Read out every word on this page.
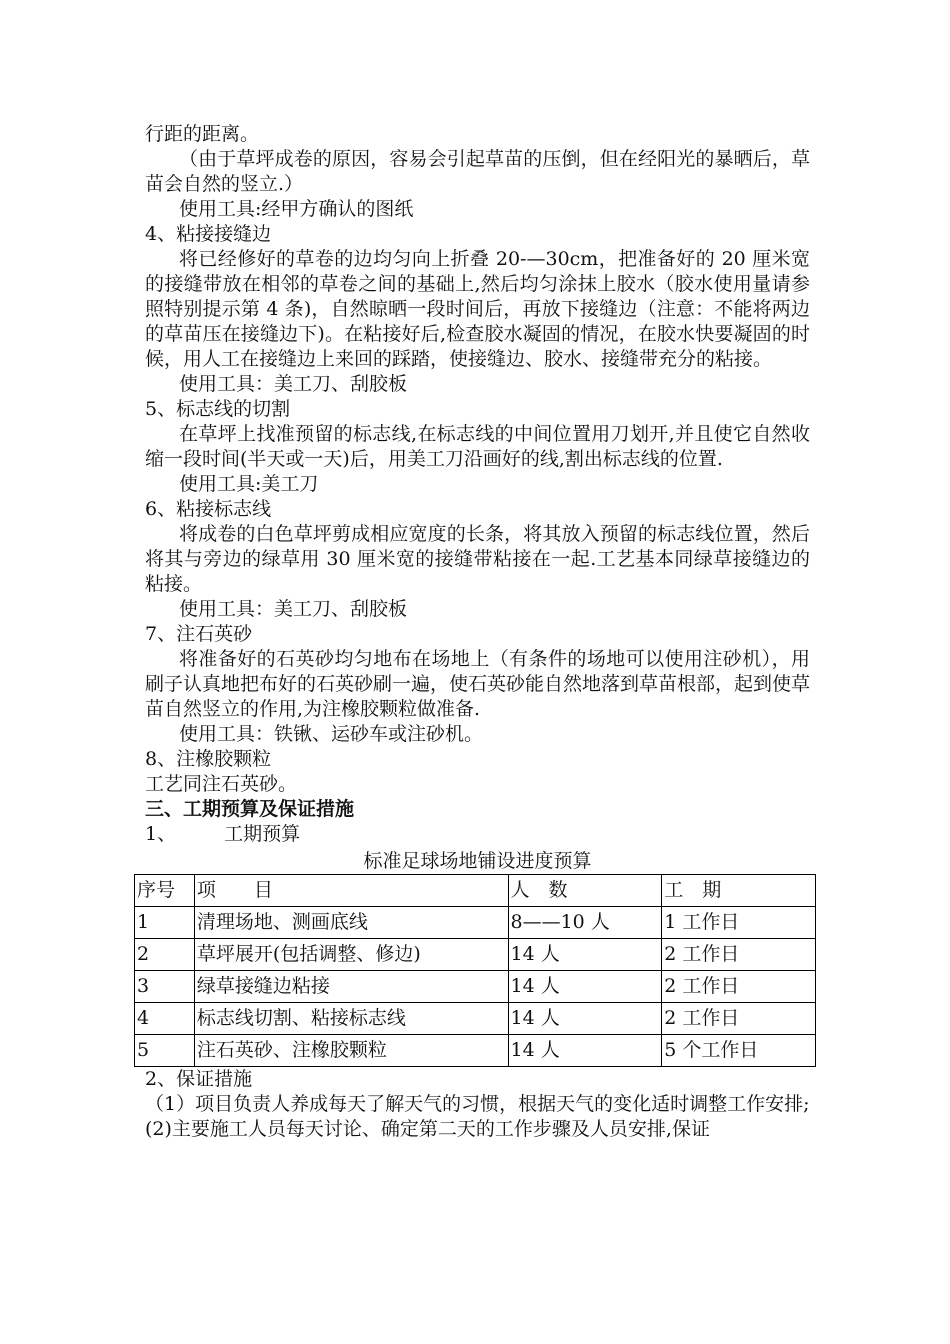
行距的距离。
（由于草坪成卷的原因，容易会引起草苗的压倒，但在经阳光的暴晒后，草苗会自然的竖立.）
使用工具:经甲方确认的图纸
4、粘接接缝边
将已经修好的草卷的边均匀向上折叠 20-—30cm，把准备好的 20 厘米宽的接缝带放在相邻的草卷之间的基础上,然后均匀涂抹上胶水（胶水使用量请参照特别提示第 4 条)，自然晾晒一段时间后，再放下接缝边（注意：不能将两边的草苗压在接缝边下)。在粘接好后,检查胶水凝固的情况，在胶水快要凝固的时候，用人工在接缝边上来回的踩踏，使接缝边、胶水、接缝带充分的粘接。
使用工具：美工刀、刮胶板
5、标志线的切割
在草坪上找准预留的标志线,在标志线的中间位置用刀划开,并且使它自然收缩一段时间(半天或一天)后，用美工刀沿画好的线,割出标志线的位置.
使用工具:美工刀
6、粘接标志线
将成卷的白色草坪剪成相应宽度的长条，将其放入预留的标志线位置，然后将其与旁边的绿草用 30 厘米宽的接缝带粘接在一起.工艺基本同绿草接缝边的粘接。
使用工具：美工刀、刮胶板
7、注石英砂
将准备好的石英砂均匀地布在场地上（有条件的场地可以使用注砂机），用刷子认真地把布好的石英砂刷一遍，使石英砂能自然地落到草苗根部，起到使草苗自然竖立的作用,为注橡胶颗粒做准备.
使用工具：铁锹、运砂车或注砂机。
8、注橡胶颗粒
工艺同注石英砂。
三、工期预算及保证措施
1、	工期预算
标准足球场地铺设进度预算
序号	项　　目	人　数	工　期
1	清理场地、测画底线	8——10 人	1 工作日
2	草坪展开(包括调整、修边)	14 人	2 工作日
3	绿草接缝边粘接	14 人	2 工作日
4	标志线切割、粘接标志线	14 人	2 工作日
5	注石英砂、注橡胶颗粒	14 人	5 个工作日
2、保证措施
（1）项目负责人养成每天了解天气的习惯，根据天气的变化适时调整工作安排;
(2)主要施工人员每天讨论、确定第二天的工作步骤及人员安排,保证
